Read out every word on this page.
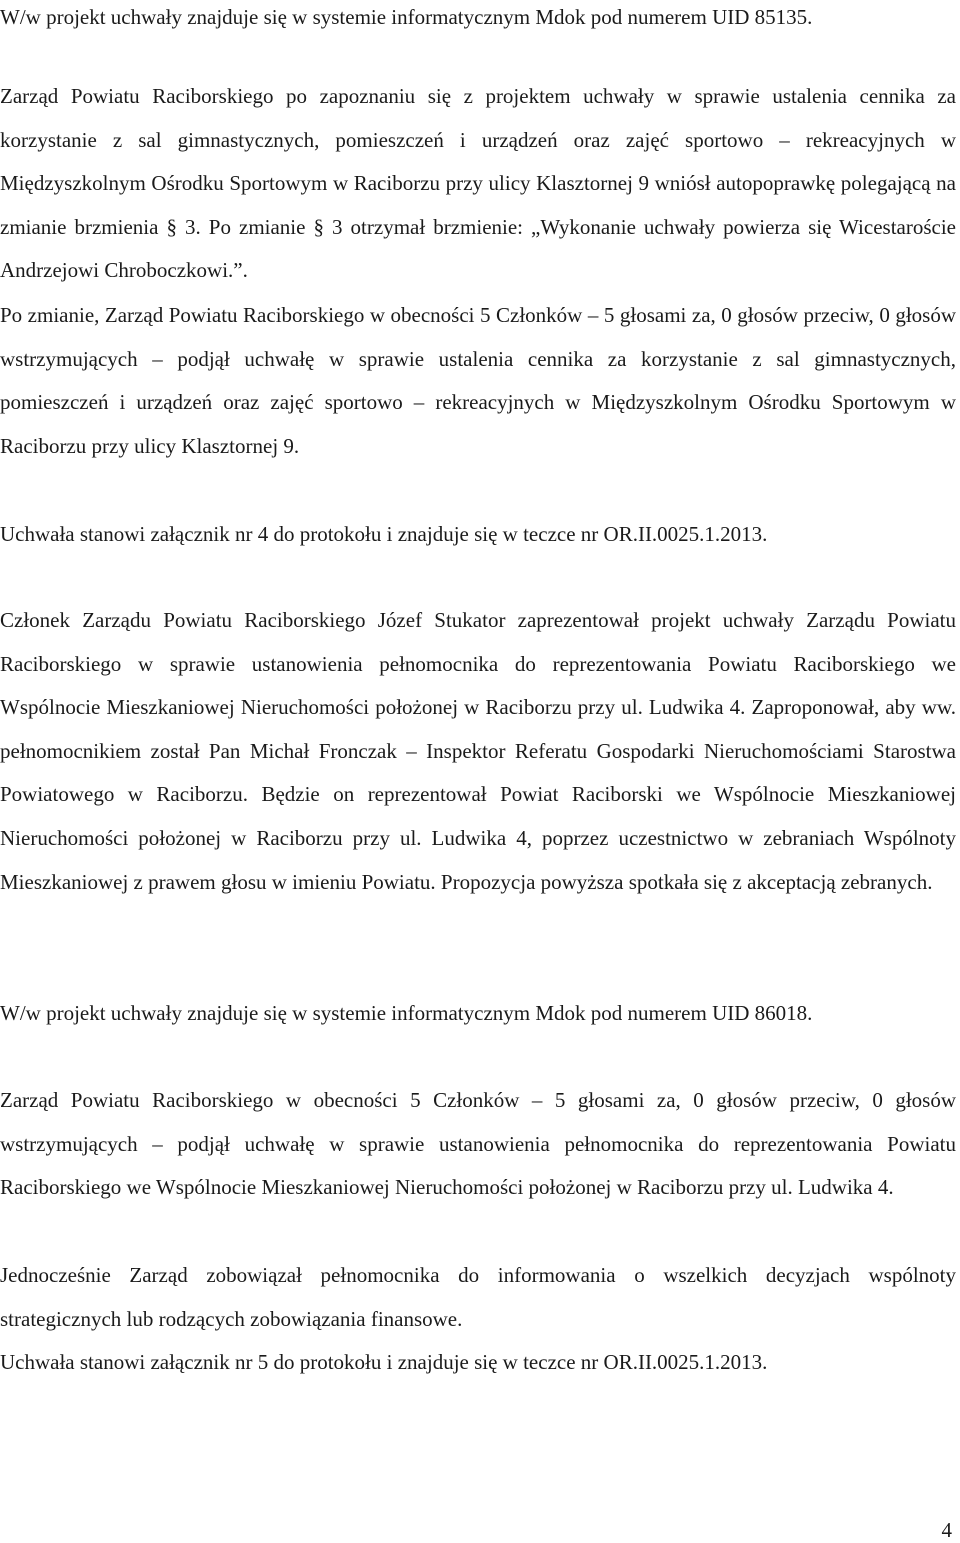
W/w projekt uchwały znajduje się w systemie informatycznym Mdok pod numerem UID 85135.

Zarząd Powiatu Raciborskiego po zapoznaniu się z projektem uchwały w sprawie ustalenia cennika za korzystanie z sal gimnastycznych, pomieszczeń i urządzeń oraz zajęć sportowo – rekreacyjnych w Międzyszkolnym Ośrodku Sportowym w Raciborzu przy ulicy Klasztornej 9 wniósł autopoprawkę polegającą na zmianie brzmienia § 3. Po zmianie § 3 otrzymał brzmienie: „Wykonanie uchwały powierza się Wicestaroście Andrzejowi Chroboczkowi.”.

Po zmianie, Zarząd Powiatu Raciborskiego w obecności 5 Członków – 5 głosami za, 0 głosów przeciw, 0 głosów wstrzymujących – podjął uchwałę w sprawie ustalenia cennika za korzystanie z sal gimnastycznych, pomieszczeń i urządzeń oraz zajęć sportowo – rekreacyjnych w Międzyszkolnym Ośrodku Sportowym w Raciborzu przy ulicy Klasztornej 9.

Uchwała stanowi załącznik nr 4 do protokołu i znajduje się w teczce nr OR.II.0025.1.2013.

Członek Zarządu Powiatu Raciborskiego Józef Stukator zaprezentował projekt uchwały Zarządu Powiatu Raciborskiego w sprawie ustanowienia pełnomocnika do reprezentowania Powiatu Raciborskiego we Wspólnocie Mieszkaniowej Nieruchomości położonej w Raciborzu przy ul. Ludwika 4. Zaproponował, aby ww. pełnomocnikiem został Pan Michał Fronczak – Inspektor Referatu Gospodarki Nieruchomościami Starostwa Powiatowego w Raciborzu. Będzie on reprezentował Powiat Raciborski we Wspólnocie Mieszkaniowej Nieruchomości położonej w Raciborzu przy ul. Ludwika 4, poprzez uczestnictwo w zebraniach Wspólnoty Mieszkaniowej z prawem głosu w imieniu Powiatu. Propozycja powyższa spotkała się z akceptacją zebranych.

W/w projekt uchwały znajduje się w systemie informatycznym Mdok pod numerem UID 86018.

Zarząd Powiatu Raciborskiego w obecności 5 Członków – 5 głosami za, 0 głosów przeciw, 0 głosów wstrzymujących – podjął uchwałę w sprawie ustanowienia pełnomocnika do reprezentowania Powiatu Raciborskiego we Wspólnocie Mieszkaniowej Nieruchomości położonej w Raciborzu przy ul. Ludwika 4.

Jednocześnie Zarząd zobowiązał pełnomocnika do informowania o wszelkich decyzjach wspólnoty strategicznych lub rodzących zobowiązania finansowe.

Uchwała stanowi załącznik nr 5 do protokołu i znajduje się w teczce nr OR.II.0025.1.2013.

4
